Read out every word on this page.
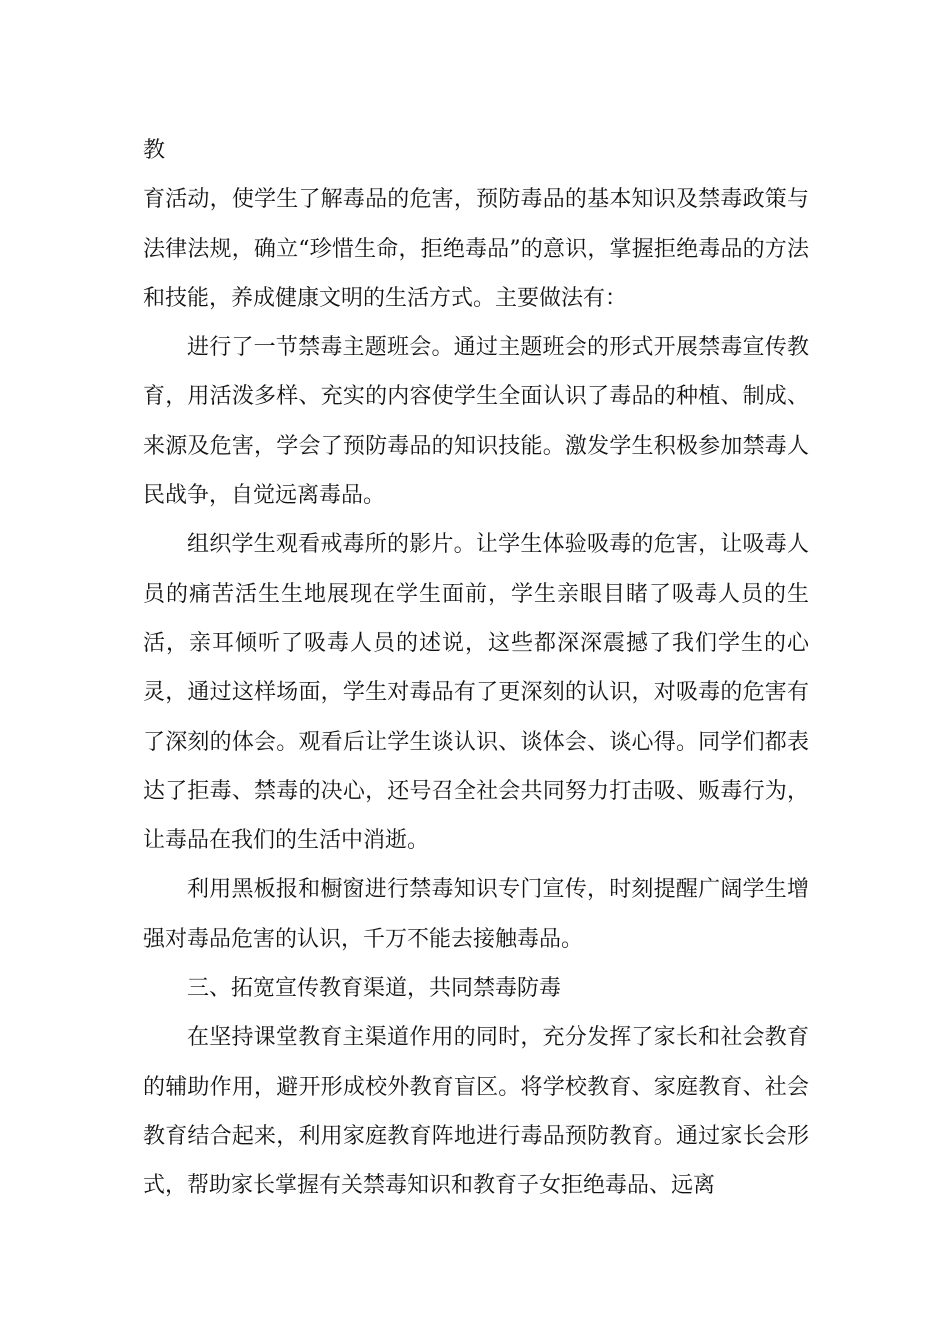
教

育活动，使学生了解毒品的危害，预防毒品的基本知识及禁毒政策与法律法规，确立“珍惜生命，拒绝毒品”的意识，掌握拒绝毒品的方法和技能，养成健康文明的生活方式。主要做法有：

进行了一节禁毒主题班会。通过主题班会的形式开展禁毒宣传教育，用活泼多样、充实的内容使学生全面认识了毒品的种植、制成、来源及危害，学会了预防毒品的知识技能。激发学生积极参加禁毒人民战争，自觉远离毒品。

组织学生观看戒毒所的影片。让学生体验吸毒的危害，让吸毒人员的痛苦活生生地展现在学生面前，学生亲眼目睹了吸毒人员的生活，亲耳倾听了吸毒人员的述说，这些都深深震撼了我们学生的心灵，通过这样场面，学生对毒品有了更深刻的认识，对吸毒的危害有了深刻的体会。观看后让学生谈认识、谈体会、谈心得。同学们都表达了拒毒、禁毒的决心，还号召全社会共同努力打击吸、贩毒行为，让毒品在我们的生活中消逝。

利用黑板报和橱窗进行禁毒知识专门宣传，时刻提醒广阔学生增强对毒品危害的认识，千万不能去接触毒品。

三、拓宽宣传教育渠道，共同禁毒防毒

在坚持课堂教育主渠道作用的同时，充分发挥了家长和社会教育的辅助作用，避开形成校外教育盲区。将学校教育、家庭教育、社会教育结合起来，利用家庭教育阵地进行毒品预防教育。通过家长会形式，帮助家长掌握有关禁毒知识和教育子女拒绝毒品、远离
